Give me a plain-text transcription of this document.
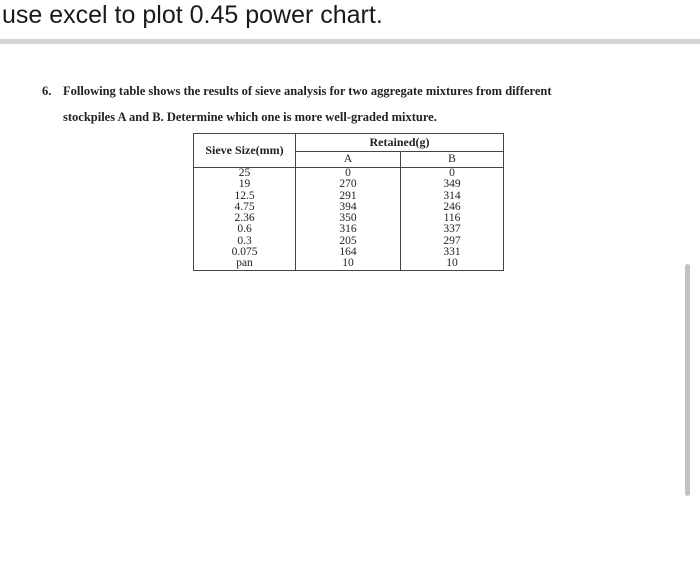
use excel to plot 0.45 power chart.
6. Following table shows the results of sieve analysis for two aggregate mixtures from different
stockpiles A and B. Determine which one is more well-graded mixture.
Sieve Size(mm)	Retained(g)	
	A	B
25	0	0
19	270	349
12.5	291	314
4.75	394	246
2.36	350	116
0.6	316	337
0.3	205	297
0.075	164	331
pan	10	10
